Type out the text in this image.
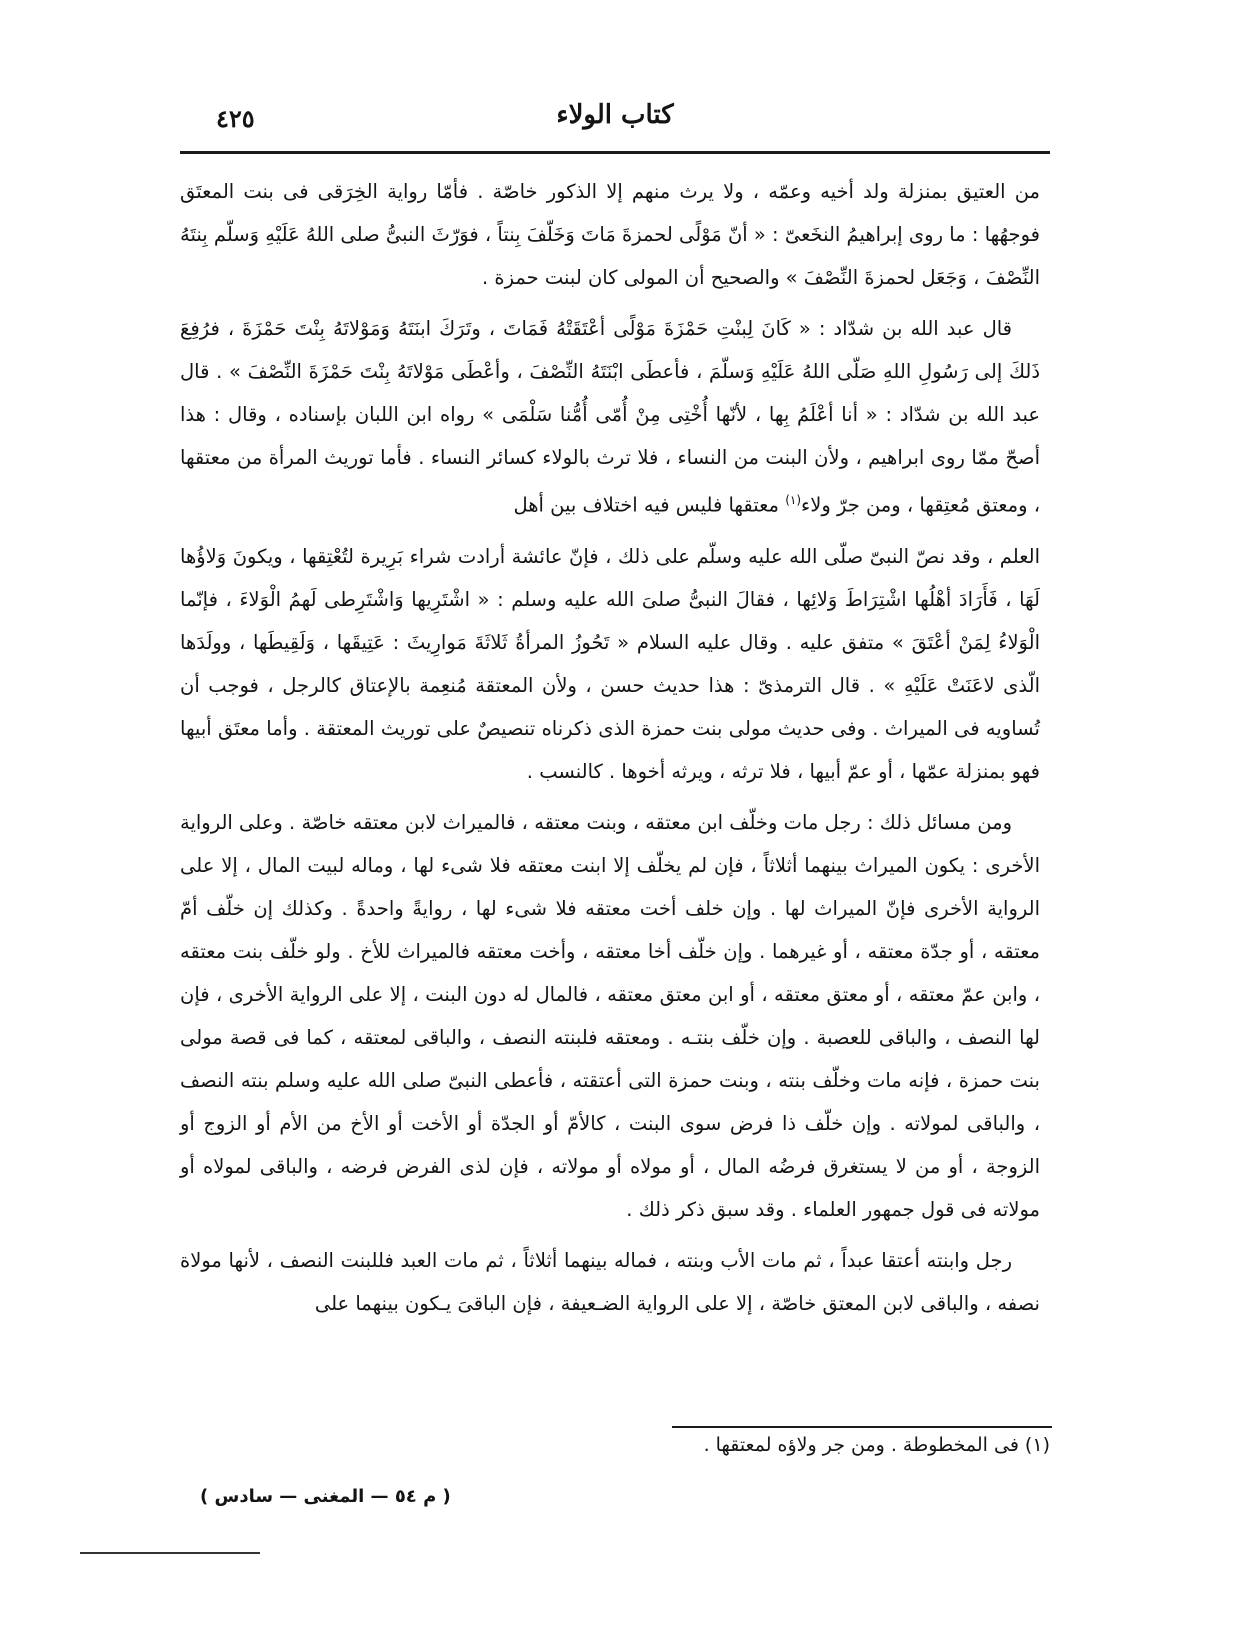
كتاب الولاء
٤٢٥

من العتيق بمنزلة ولد أخيه وعمّه ، ولا يرث منهم إلا الذكور خاصّة . فأمّا رواية الخِرَقى فى بنت المعتَق فوجهُها : ما روى إبراهيمُ النخَعىّ : « أنّ مَوْلًى لحمزةَ مَاتَ وَخَلّفَ بِنتاً ، فوَرّثَ النبىُّ صلى اللهُ عَلَيْهِ وَسلّم بِنتَهُ النِّصْفَ ، وَجَعَل لحمزةَ النِّصْفَ » والصحيح أن المولى كان لبنت حمزة .

قال عبد الله بن شدّاد : « كَانَ لِبنْتِ حَمْزَةَ مَوْلًى أعْتَقَتْهُ فَمَاتَ ، وتَرَكَ ابنَتَهُ وَمَوْلاتَهُ بِنْتَ حَمْزَةَ ، فرُفِعَ ذَلكَ إلى رَسُولِ اللهِ صَلّى اللهُ عَلَيْهِ وَسلّمَ ، فأعطَى ابْنَتَهُ النِّصْفَ ، وأعْطَى مَوْلاتَهُ بِنْتَ حَمْزَةَ النِّصْفَ » . قال عبد الله بن شدّاد : « أنا أعْلَمُ بِها ، لأنّها أُخْتِى مِنْ أُمّى أُمُّنا سَلْمَى » رواه ابن اللبان بإسناده ، وقال : هذا أصحّ ممّا روى ابراهيم ، ولأن البنت من النساء ، فلا ترث بالولاء كسائر النساء . فأما توريث المرأة من معتقها ، ومعتق مُعتِقها ، ومن جرّ ولاء$^{(١)}$ معتقها فليس فيه اختلاف بين أهل

العلم ، وقد نصّ النبىّ صلّى الله عليه وسلّم على ذلك ، فإنّ عائشة أرادت شراء بَرِيرة لتُعْتِقها ، ويكونَ وَلاؤُها لَهَا ، فَأَرَادَ أهْلُها اشْتِرَاطَ وَلائِها ، فقالَ النبىُّ صلىَ الله عليه وسلم : « اشْتَرِيها وَاشْتَرِطى لَهمُ الْوَلاءَ ، فإنّما الْوَلاءُ لِمَنْ أعْتَقَ » متفق عليه . وقال عليه السلام « تَحُوزُ المرأةُ ثَلاثَةَ مَوارِيثَ : عَتِيقَها ، وَلَقِيطَها ، وولَدَها الّذى لاعَنَتْ عَلَيْهِ » . قال الترمذىّ : هذا حديث حسن ، ولأن المعتقة مُنعِمة بالإعتاق كالرجل ، فوجب أن تُساويه فى الميراث . وفى حديث مولى بنت حمزة الذى ذكرناه تنصيصٌ على توريث المعتقة . وأما معتَق أبيها فهو بمنزلة عمّها ، أو عمّ أبيها ، فلا ترثه ، ويرثه أخوها . كالنسب .

ومن مسائل ذلك : رجل مات وخلّف ابن معتقه ، وبنت معتقه ، فالميراث لابن معتقه خاصّة . وعلى الرواية الأخرى : يكون الميراث بينهما أثلاثاً ، فإن لم يخلّف إلا ابنت معتقه فلا شىء لها ، وماله لبيت المال ، إلا على الرواية الأخرى فإنّ الميراث لها . وإن خلف أخت معتقه فلا شىء لها ، روايةً واحدةً . وكذلك إن خلّف أمّ معتقه ، أو جدّة معتقه ، أو غيرهما . وإن خلّف أخا معتقه ، وأخت معتقه فالميراث للأخ . ولو خلّف بنت معتقه ، وابن عمّ معتقه ، أو معتق معتقه ، أو ابن معتق معتقه ، فالمال له دون البنت ، إلا على الرواية الأخرى ، فإن لها النصف ، والباقى للعصبة . وإن خلّف بنتـه . ومعتقه فلبنته النصف ، والباقى لمعتقه ، كما فى قصة مولى بنت حمزة ، فإنه مات وخلّف بنته ، وبنت حمزة التى أعتقته ، فأعطى النبىّ صلى الله عليه وسلم بنته النصف ، والباقى لمولاته . وإن خلّف ذا فرض سوى البنت ، كالأمّ أو الجدّة أو الأخت أو الأخ من الأم أو الزوج أو الزوجة ، أو من لا يستغرق فرضُه المال ، أو مولاه أو مولاته ، فإن لذى الفرض فرضه ، والباقى لمولاه أو مولاته فى قول جمهور العلماء . وقد سبق ذكر ذلك .

رجل وابنته أعتقا عبداً ، ثم مات الأب وبنته ، فماله بينهما أثلاثاً ، ثم مات العبد فللبنت النصف ، لأنها مولاة نصفه ، والباقى لابن المعتق خاصّة ، إلا على الرواية الضـعيفة ، فإن الباقىَ يـكون بينهما على

(١) فى المخطوطة . ومن جر ولاؤه لمعتقها .
( م ٥٤ — المغنى — سادس )
